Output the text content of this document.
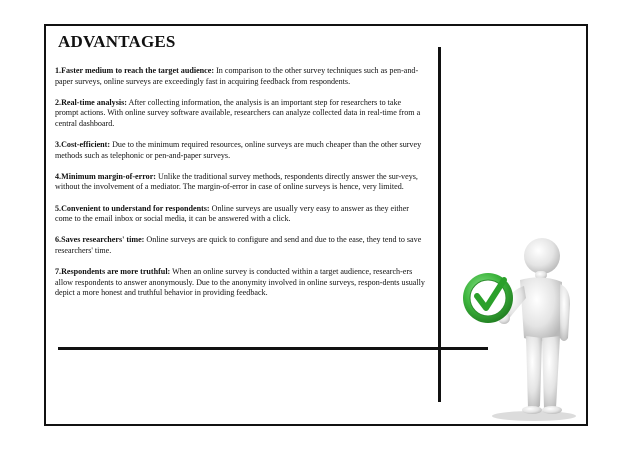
ADVANTAGES

1.Faster medium to reach the target audience: In comparison to the other survey techniques such as pen-and-paper surveys, online surveys are exceedingly fast in acquiring feedback from respondents.

2.Real-time analysis: After collecting information, the analysis is an important step for researchers to take prompt actions. With online survey software available, researchers can analyze collected data in real-time from a central dashboard.

3.Cost-efficient: Due to the minimum required resources, online surveys are much cheaper than the other survey methods such as telephonic or pen-and-paper surveys.

4.Minimum margin-of-error: Unlike the traditional survey methods, respondents directly answer the sur-veys, without the involvement of a mediator. The margin-of-error in case of online surveys is hence, very limited.

5.Convenient to understand for respondents: Online surveys are usually very easy to answer as they either come to the email inbox or social media, it can be answered with a click.

6.Saves researchers' time: Online surveys are quick to configure and send and due to the ease, they tend to save researchers' time.

7.Respondents are more truthful: When an online survey is conducted within a target audience, research-ers allow respondents to answer anonymously. Due to the anonymity involved in online surveys, respon-dents usually depict a more honest and truthful behavior in providing feedback.
